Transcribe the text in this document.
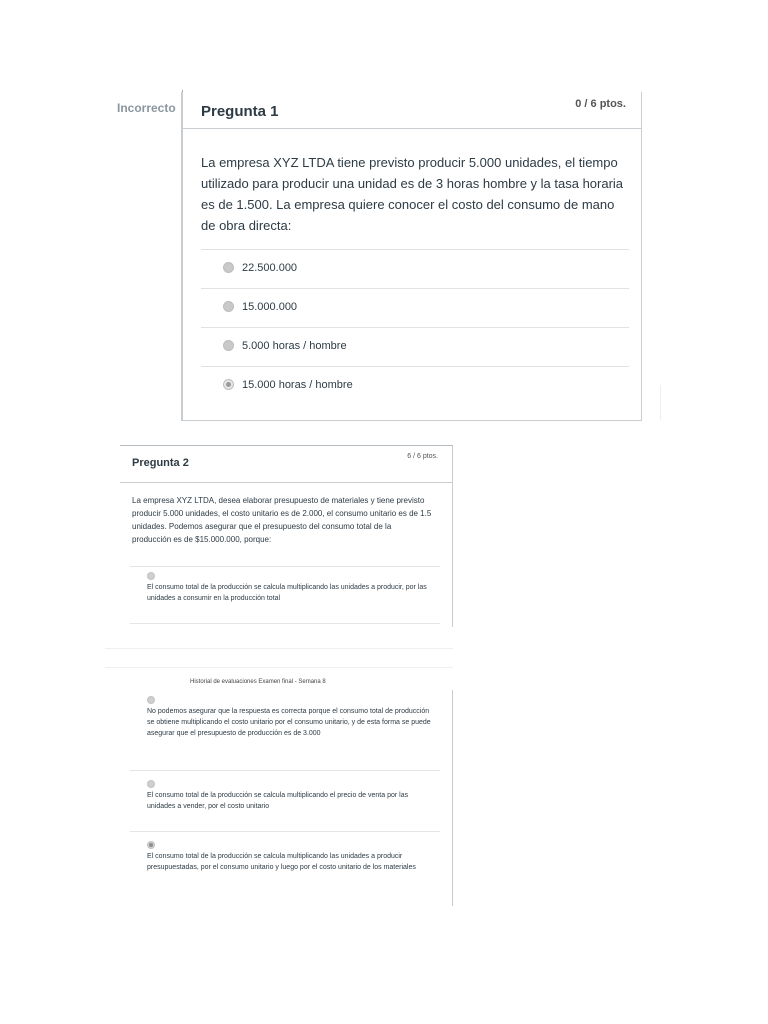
Incorrecto Pregunta 1	0 / 6 ptos.
La empresa XYZ LTDA tiene previsto producir 5.000 unidades, el tiempo utilizado para producir una unidad es de 3 horas hombre y la tasa horaria es de 1.500. La empresa quiere conocer el costo del consumo de mano de obra directa:
22.500.000
15.000.000
5.000 horas / hombre
15.000 horas / hombre
Pregunta 2
6 / 6 ptos.
La empresa XYZ LTDA, desea elaborar presupuesto de materiales y tiene previsto producir 5.000 unidades, el costo unitario es de 2.000, el consumo unitario es de 1.5 unidades. Podemos asegurar que el presupuesto del consumo total de la producción es de $15.000.000, porque:
El consumo total de la producción se calcula multiplicando las unidades a producir, por las unidades a consumir en la producción total
Historial de evaluaciones Examen final - Semana 8
No podemos asegurar que la respuesta es correcta porque el consumo total de producción se obtiene multiplicando el costo unitario por el consumo unitario, y de esta forma se puede asegurar que el presupuesto de producción es de 3.000
El consumo total de la producción se calcula multiplicando el precio de venta por las unidades a vender, por el costo unitario
El consumo total de la producción se calcula multiplicando las unidades a producir presupuestadas, por el consumo unitario y luego por el costo unitario de los materiales
